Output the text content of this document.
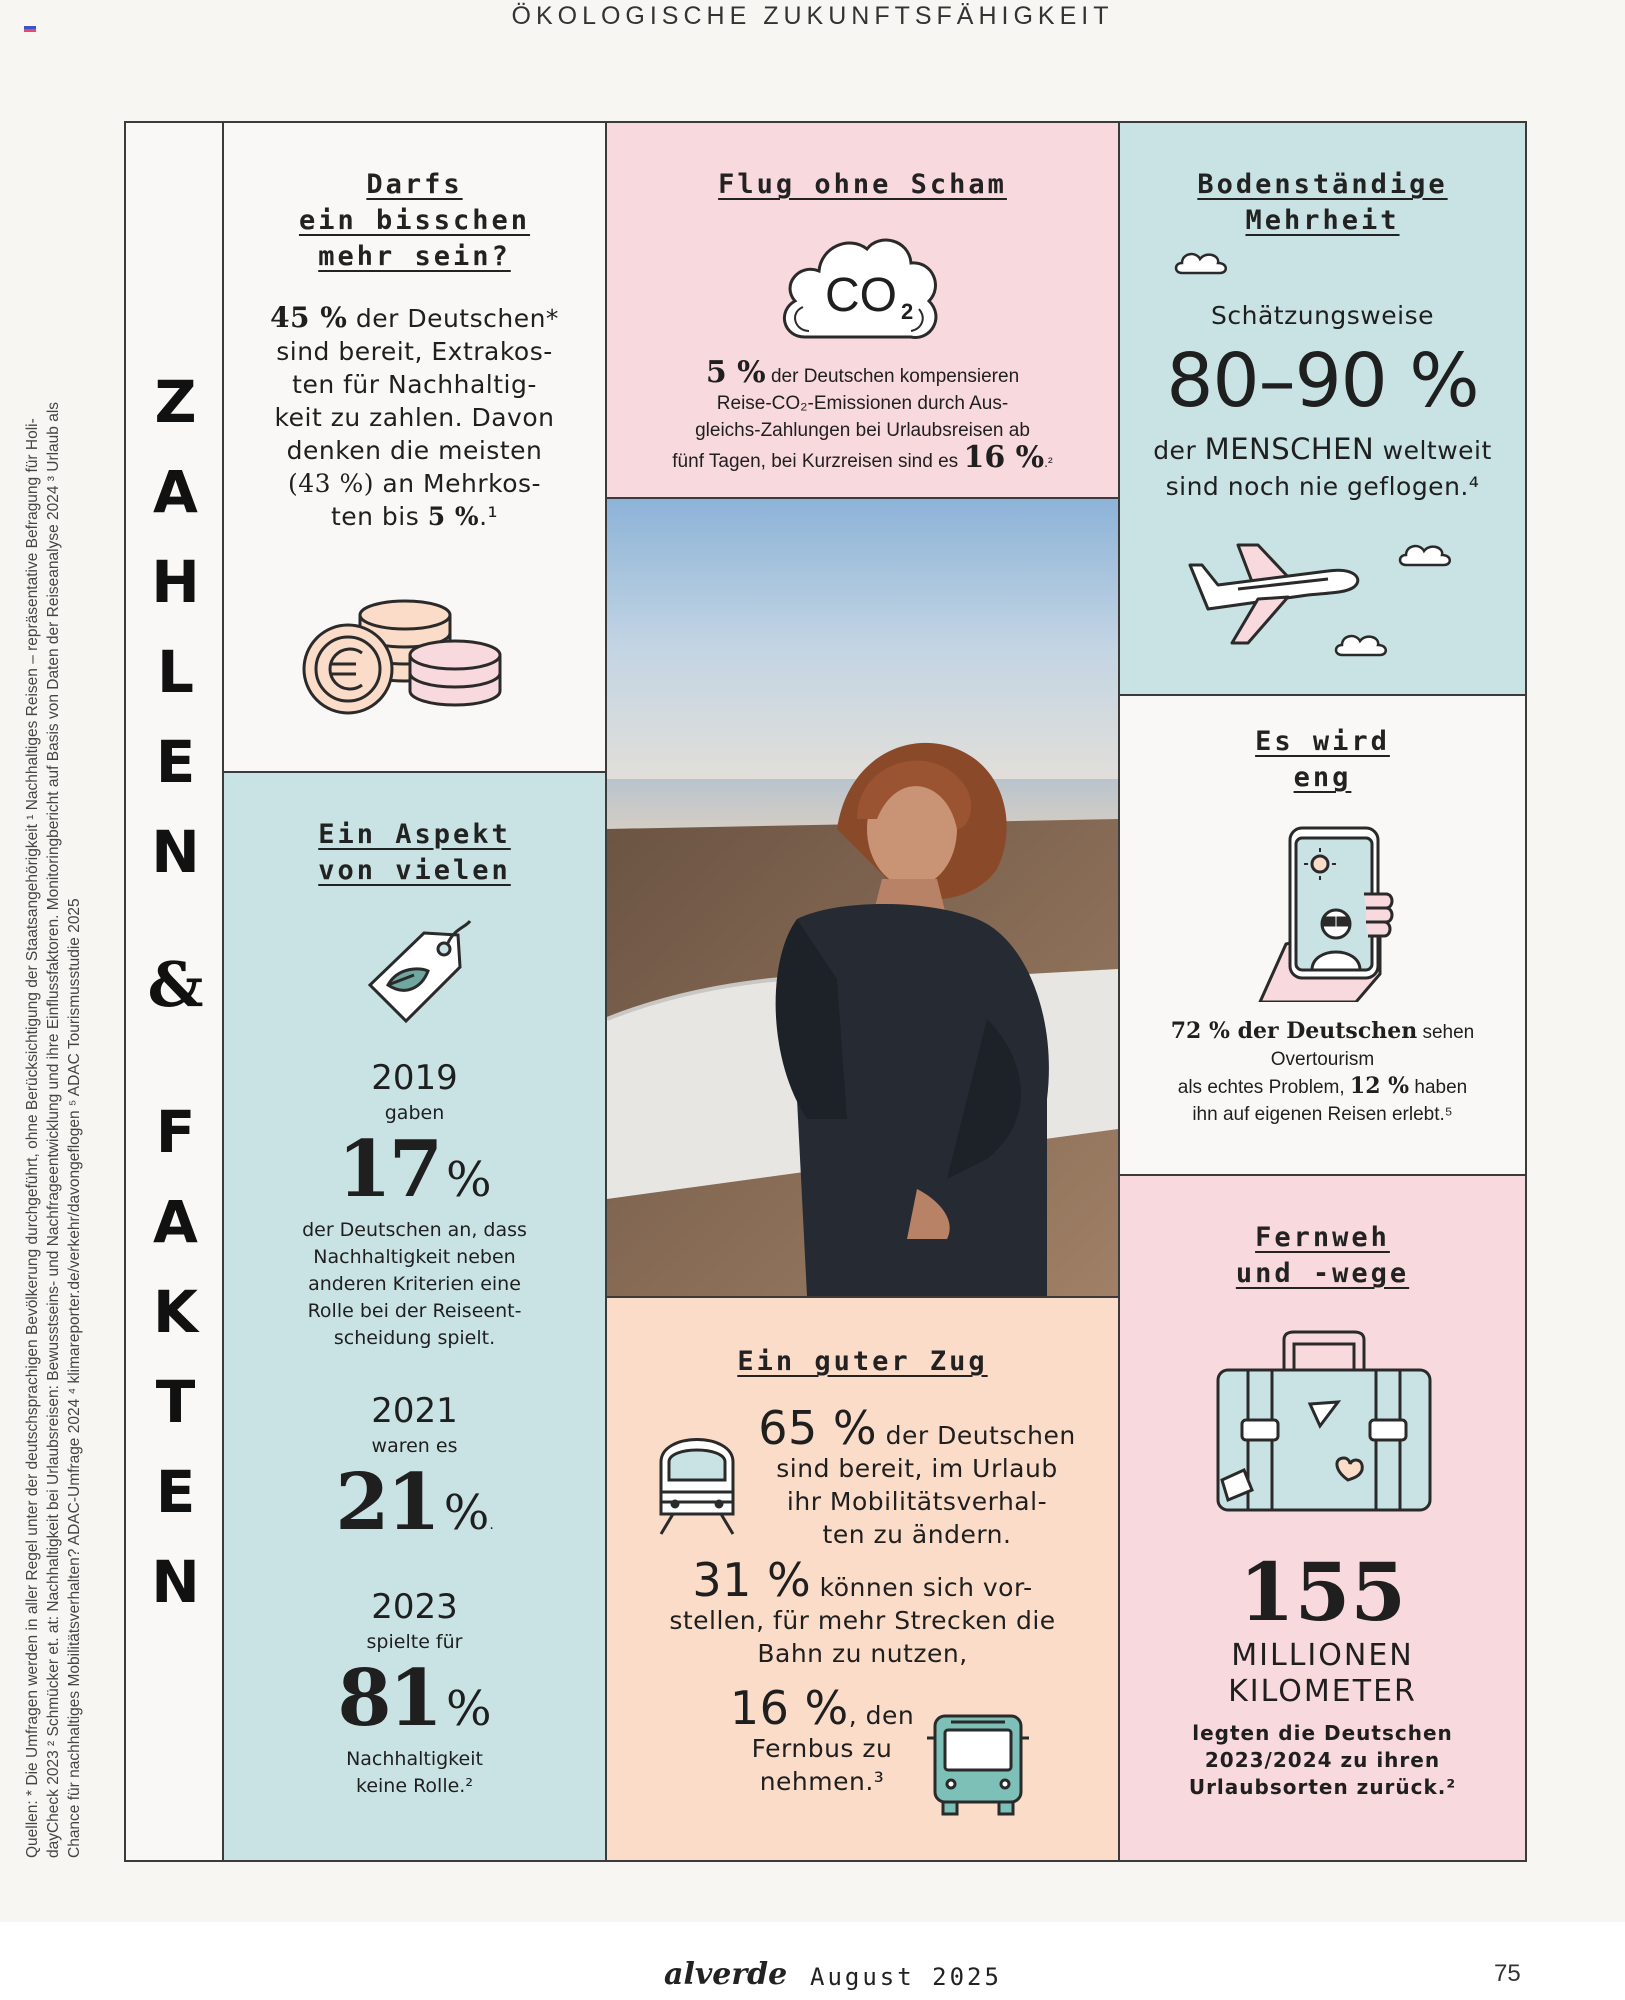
ÖKOLOGISCHE ZUKUNFTSFÄHIGKEIT
Quellen: * Die Umfragen werden in aller Regel unter der deutschsprachigen Bevölkerung durchgeführt, ohne Berücksichtigung der Staatsangehörigkeit ¹ Nachhaltiges Reisen – repräsentative Befragung für Holi- dayCheck 2023 ² Schmücker et. at: Nachhaltigkeit bei Urlaubsreisen: Bewusstseins- und Nachfrageentwicklung und ihre Einflussfaktoren. Monitoringbericht auf Basis von Daten der Reiseanalyse 2024 ³ Urlaub als Chance für nachhaltiges Mobilitätsverhalten? ADAC-Umfrage 2024 ⁴ klimareporter.de/verkehr/davongeflogen ⁵ ADAC Tourismusstudie 2025
Z
A
H
L
E
N
&
F
A
K
T
E
N
Darfs
ein bisschen
mehr sein?
45 % der Deutschen*
sind bereit, Extrakos-
ten für Nachhaltig-
keit zu zahlen. Davon
denken die meisten
(43 %) an Mehrkos-
ten bis 5 %.¹
Ein Aspekt
von vielen
2019
gaben
17 %
der Deutschen an, dass
Nachhaltigkeit neben
anderen Kriterien eine
Rolle bei der Reiseent-
scheidung spielt.
2021
waren es
21 %.
2023
spielte für
81 %
Nachhaltigkeit
keine Rolle.²
Flug ohne Scham
CO 2
5 % der Deutschen kompensieren
Reise-CO₂-Emissionen durch Aus-
gleichs-Zahlungen bei Urlaubsreisen ab
fünf Tagen, bei Kurzreisen sind es 16 %.²
Ein guter Zug
65 % der Deutschen
sind bereit, im Urlaub
ihr Mobilitätsverhal-
ten zu ändern.
31 % können sich vor-
stellen, für mehr Strecken die
Bahn zu nutzen,
16 %, den
Fernbus zu
nehmen.³
Bodenständige
Mehrheit
Schätzungsweise
80–90 %
der MENSCHEN weltweit
sind noch nie geflogen.⁴
Es wird
eng
72 % der Deutschen sehen
Overtourism
als echtes Problem, 12 % haben
ihn auf eigenen Reisen erlebt.⁵
Fernweh
und -wege
155
MILLIONEN
KILOMETER
legten die Deutschen
2023/2024 zu ihren
Urlaubsorten zurück.²
alverde August 2025	75
